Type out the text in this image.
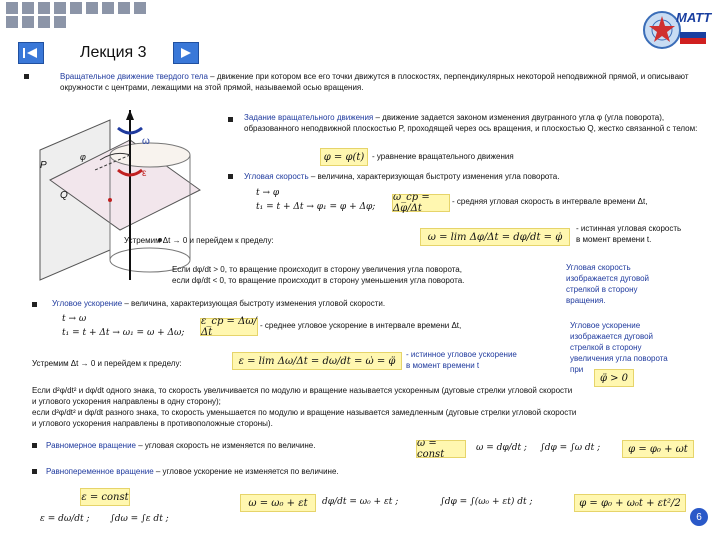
MATT
Лекция 3
Вращательное движение твердого тела – движение при котором все его точки движутся в плоскостях, перпендикулярных некоторой неподвижной прямой, и описывают окружности с центрами, лежащими на этой прямой, называемой осью вращения.
P
Q
ω
ε
φ
Задание вращательного движения – движение задается законом изменения двугранного угла φ (угла поворота), образованного неподвижной плоскостью P, проходящей через ось вращения, и плоскостью Q, жестко связанной с телом:
φ = φ(t) - уравнение вращательного движения
Угловая скорость – величина, характеризующая быстроту изменения угла поворота.
t → φ
t₁ = t + Δt → φ₁ = φ + Δφ;
ω_ср = Δφ/Δt
- средняя угловая скорость в интервале времени Δt,
Устремим Δt → 0 и перейдем к пределу:	ω = lim Δφ/Δt = dφ/dt = φ̇
- истинная угловая скорость
в момент времени t.
Если dφ/dt > 0, то вращение происходит в сторону увеличения угла поворота,
если dφ/dt < 0, то вращение происходит в сторону уменьшения угла поворота.
Угловая скорость
изображается дуговой
стрелкой в сторону
вращения.
Угловое ускорение – величина, характеризующая быстроту изменения угловой скорости.
t → ω
t₁ = t + Δt → ω₁ = ω + Δω;
ε_ср = Δω/Δt
- среднее угловое ускорение в интервале времени Δt,
Устремим Δt → 0 и перейдем к пределу:	ε = lim Δω/Δt = dω/dt = ω̇ = φ̈
- истинное угловое ускорение
в момент времени t
Угловое ускорение
изображается дуговой
стрелкой в сторону
увеличения угла поворота
при
φ̈ > 0
Если d²φ/dt² и dφ/dt одного знака, то скорость увеличивается по модулю и вращение называется ускоренным (дуговые стрелки угловой скорости
и углового ускорения направлены в одну сторону);
если d²φ/dt² и dφ/dt разного знака, то скорость уменьшается по модулю и вращение называется замедленным (дуговые стрелки угловой скорости
и углового ускорения направлены в противоположные стороны).
Равномерное вращение – угловая скорость не изменяется по величине.	ω = const
ω = dφ/dt ; ∫dφ = ∫ω dt ;	φ = φ₀ + ωt
Равнопеременное вращение – угловое ускорение не изменяется по величине.
ε = const
ε = dω/dt ; ∫dω = ∫ε dt ;
ω = ω₀ + εt	dφ/dt = ω₀ + εt ;	∫dφ = ∫(ω₀ + εt) dt ;	φ = φ₀ + ω₀t + εt²/2
6
